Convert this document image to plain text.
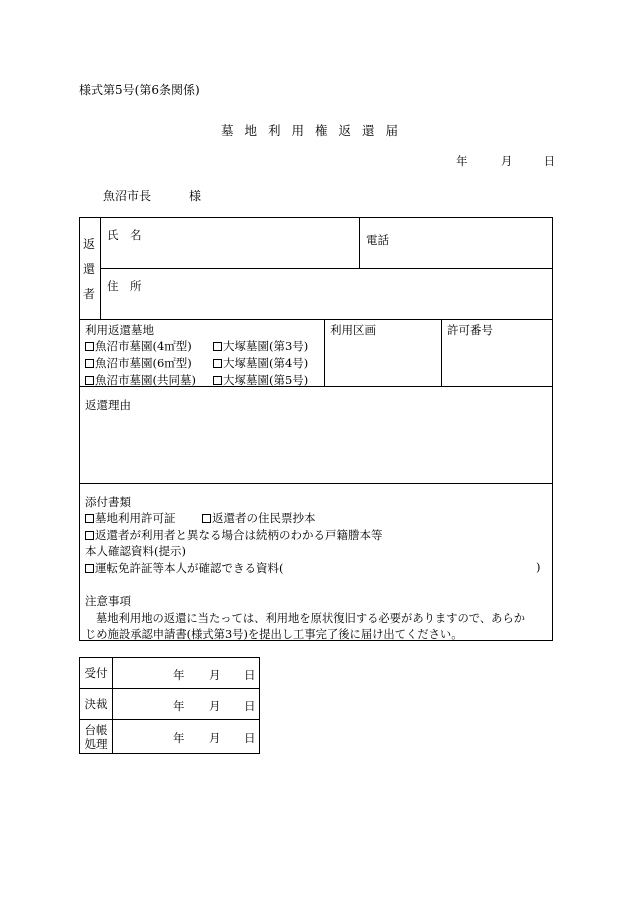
様式第5号(第6条関係)
墓地利用権返還届
年	月	日
魚沼市長	様
返
還
者
氏　名	電話
住　所
利用返還墓地
魚沼市墓園(4㎡型)	大塚墓園(第3号)
魚沼市墓園(6㎡型)	大塚墓園(第4号)
魚沼市墓園(共同墓)	大塚墓園(第5号)
利用区画	許可番号
返還理由
添付書類
墓地利用許可証	返還者の住民票抄本
返還者が利用者と異なる場合は続柄のわかる戸籍謄本等
本人確認資料(提示)
運転免許証等本人が確認できる資料(	)
注意事項
墓地利用地の返還に当たっては、利用地を原状復旧する必要がありますので、あらか
じめ施設承認申請書(様式第3号)を提出し工事完了後に届け出てください。
受付	年 月 日
決裁	年 月 日
台帳
処理	年 月 日
